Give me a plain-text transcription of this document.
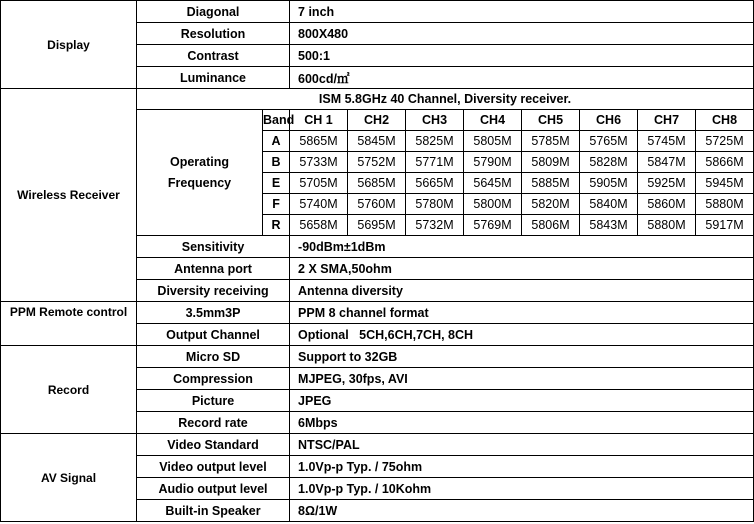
Display	Diagonal		7 inch							
	Resolution		800X480							
	Contrast		500:1							
	Luminance		600cd/㎡							
Wireless Receiver	ISM 5.8GHz 40 Channel, Diversity receiver.									
	Operating Frequency	Band	CH 1	CH2	CH3	CH4	CH5	CH6	CH7	CH8
		A	5865M	5845M	5825M	5805M	5785M	5765M	5745M	5725M
		B	5733M	5752M	5771M	5790M	5809M	5828M	5847M	5866M
		E	5705M	5685M	5665M	5645M	5885M	5905M	5925M	5945M
		F	5740M	5760M	5780M	5800M	5820M	5840M	5860M	5880M
		R	5658M	5695M	5732M	5769M	5806M	5843M	5880M	5917M
	Sensitivity		-90dBm±1dBm							
	Antenna port		2 X SMA,50ohm							
	Diversity receiving		Antenna diversity							
PPM Remote control	3.5mm3P		PPM 8 channel format							
	Output Channel		Optional   5CH,6CH,7CH, 8CH							
Record	Micro SD		Support to 32GB							
	Compression		MJPEG, 30fps, AVI							
	Picture		JPEG							
	Record rate		6Mbps							
AV Signal	Video Standard		NTSC/PAL							
	Video output level		1.0Vp-p Typ. / 75ohm							
	Audio output level		1.0Vp-p Typ. / 10Kohm							
	Built-in Speaker		8Ω/1W							
